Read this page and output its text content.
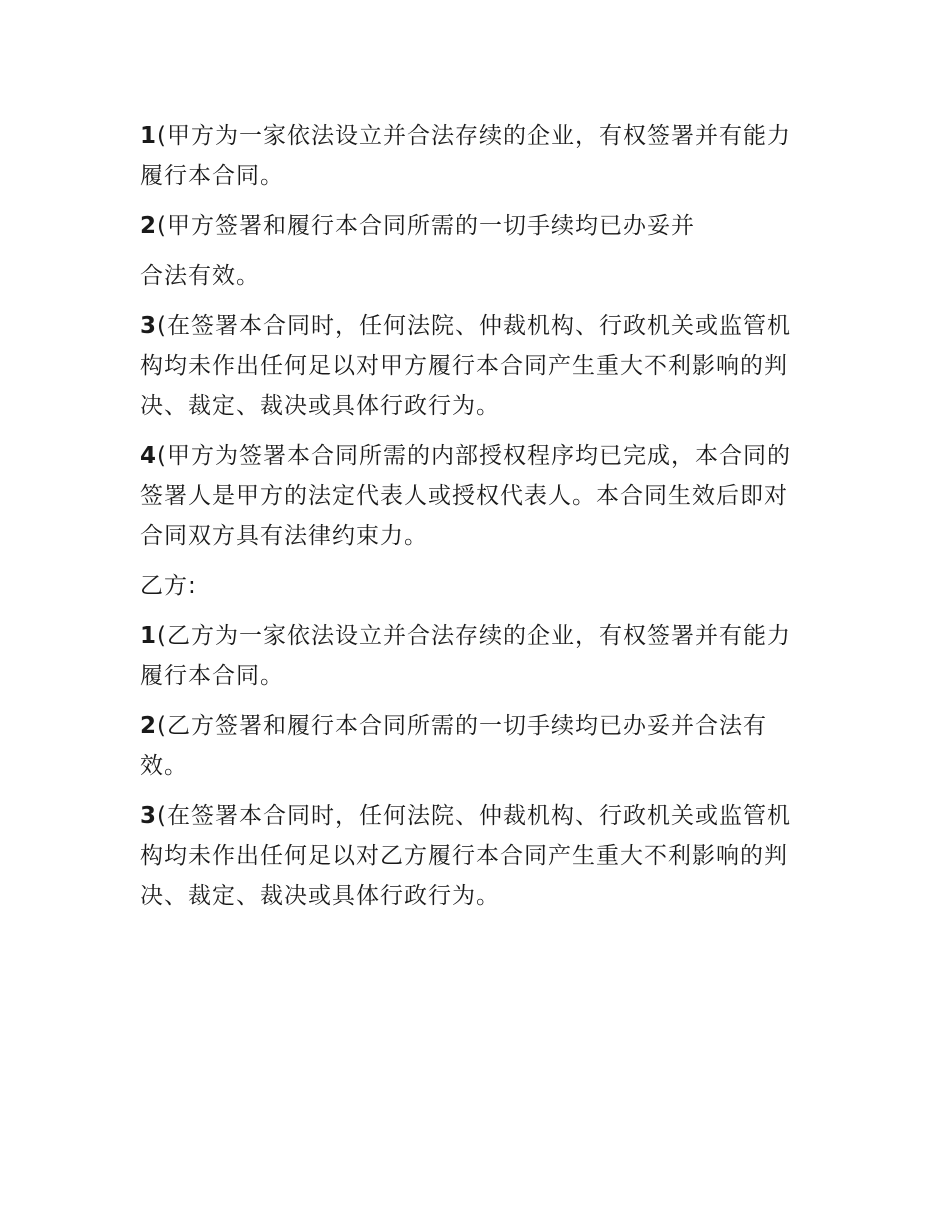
1(甲方为一家依法设立并合法存续的企业，有权签署并有能力履行本合同。

2(甲方签署和履行本合同所需的一切手续均已办妥并

合法有效。

3(在签署本合同时，任何法院、仲裁机构、行政机关或监管机构均未作出任何足以对甲方履行本合同产生重大不利影响的判决、裁定、裁决或具体行政行为。

4(甲方为签署本合同所需的内部授权程序均已完成，本合同的签署人是甲方的法定代表人或授权代表人。本合同生效后即对合同双方具有法律约束力。

乙方:

1(乙方为一家依法设立并合法存续的企业，有权签署并有能力履行本合同。

2(乙方签署和履行本合同所需的一切手续均已办妥并合法有效。

3(在签署本合同时，任何法院、仲裁机构、行政机关或监管机构均未作出任何足以对乙方履行本合同产生重大不利影响的判决、裁定、裁决或具体行政行为。
